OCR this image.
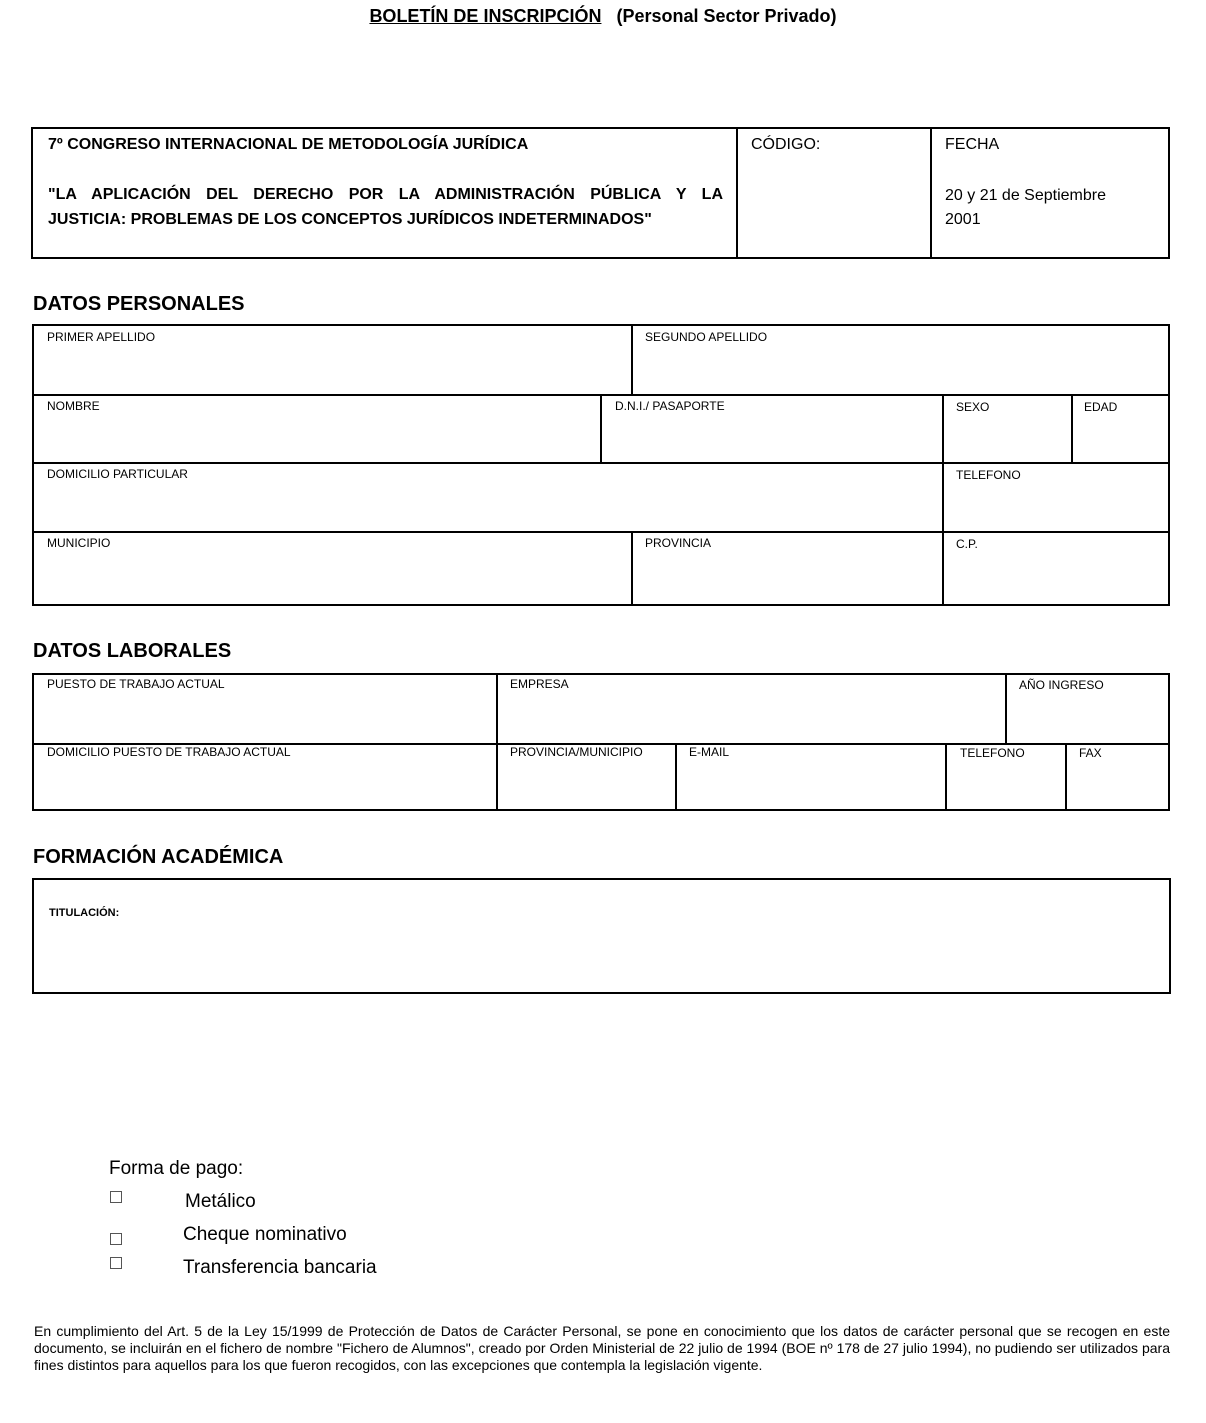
BOLETÍN DE INSCRIPCIÓN (Personal Sector Privado)
7º CONGRESO INTERNACIONAL DE METODOLOGÍA JURÍDICA
"LA APLICACIÓN DEL DERECHO POR LA ADMINISTRACIÓN PÚBLICA Y LA
JUSTICIA: PROBLEMAS DE LOS CONCEPTOS JURÍDICOS INDETERMINADOS"
CÓDIGO:	FECHA
20 y 21 de Septiembre
2001
DATOS PERSONALES
PRIMER APELLIDO	SEGUNDO APELLIDO
NOMBRE	D.N.I./ PASAPORTE	SEXO	EDAD
DOMICILIO PARTICULAR	TELEFONO
MUNICIPIO	PROVINCIA	C.P.
DATOS LABORALES
PUESTO DE TRABAJO ACTUAL	EMPRESA	AÑO INGRESO
DOMICILIO PUESTO DE TRABAJO ACTUAL	PROVINCIA/MUNICIPIO	E-MAIL	TELEFONO	FAX
FORMACIÓN ACADÉMICA
TITULACIÓN:
Forma de pago:
Metálico
Cheque nominativo
Transferencia bancaria
En cumplimiento del Art. 5 de la Ley 15/1999 de Protección de Datos de Carácter Personal, se pone en conocimiento que los datos de carácter personal que se recogen en este documento, se incluirán en el fichero de nombre "Fichero de Alumnos", creado por Orden Ministerial de 22 julio de 1994 (BOE nº 178 de 27 julio 1994), no pudiendo ser utilizados para fines distintos para aquellos para los que fueron recogidos, con las excepciones que contempla la legislación vigente.
